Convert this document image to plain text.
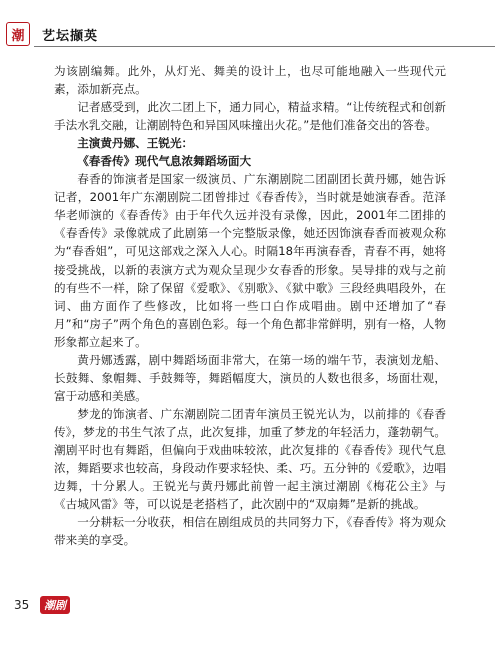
潮	艺坛撷英

为该剧编舞。此外，从灯光、舞美的设计上，也尽可能地融入一些现代元素，添加新亮点。

记者感受到，此次二团上下，通力同心，精益求精。“让传统程式和创新手法水乳交融，让潮剧特色和异国风味撞出火花。”是他们准备交出的答卷。

主演黄丹娜、王锐光：

《春香传》现代气息浓舞蹈场面大

春香的饰演者是国家一级演员、广东潮剧院二团副团长黄丹娜，她告诉记者，2001年广东潮剧院二团曾排过《春香传》，当时就是她演春香。范泽华老师演的《春香传》由于年代久远并没有录像，因此，2001年二团排的《春香传》录像就成了此剧第一个完整版录像，她还因饰演春香而被观众称为“春香姐”，可见这部戏之深入人心。时隔18年再演春香，青春不再，她将接受挑战，以新的表演方式为观众呈现少女春香的形象。吴导排的戏与之前的有些不一样，除了保留《爱歌》、《别歌》、《狱中歌》三段经典唱段外，在词、曲方面作了些修改，比如将一些口白作成唱曲。剧中还增加了“春月”和“房子”两个角色的喜剧色彩。每一个角色都非常鲜明，别有一格，人物形象都立起来了。

黄丹娜透露，剧中舞蹈场面非常大，在第一场的端午节，表演划龙船、长鼓舞、象帽舞、手鼓舞等，舞蹈幅度大，演员的人数也很多，场面壮观，富于动感和美感。

梦龙的饰演者、广东潮剧院二团青年演员王锐光认为，以前排的《春香传》，梦龙的书生气浓了点，此次复排，加重了梦龙的年轻活力，蓬勃朝气。潮剧平时也有舞蹈，但偏向于戏曲味较浓，此次复排的《春香传》现代气息浓，舞蹈要求也较高，身段动作要求轻快、柔、巧。五分钟的《爱歌》，边唱边舞，十分累人。王锐光与黄丹娜此前曾一起主演过潮剧《梅花公主》与《古城风雷》等，可以说是老搭档了，此次剧中的“双扇舞”是新的挑战。

一分耕耘一分收获，相信在剧组成员的共同努力下，《春香传》将为观众带来美的享受。

35	潮剧
